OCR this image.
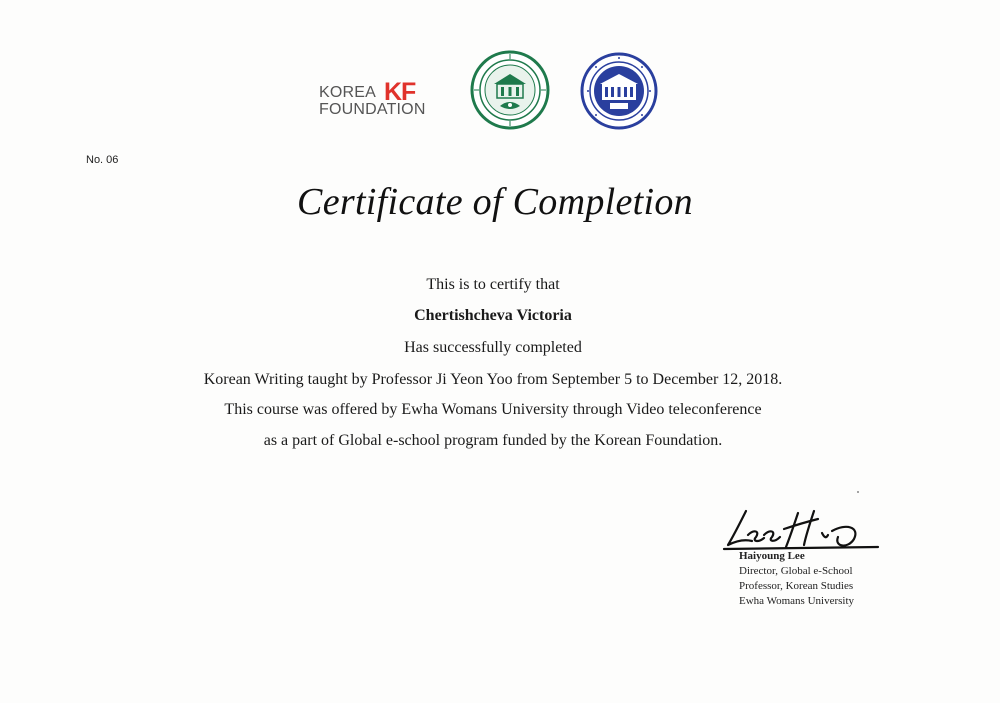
KOREA KF
FOUNDATION
No. 06
Certificate of Completion
This is to certify that
Chertishcheva Victoria
Has successfully completed
Korean Writing taught by Professor Ji Yeon Yoo from September 5 to December 12, 2018.
This course was offered by Ewha Womans University through Video teleconference
as a part of Global e-school program funded by the Korean Foundation.
Haiyoung Lee
Director, Global e-School
Professor, Korean Studies
Ewha Womans University
